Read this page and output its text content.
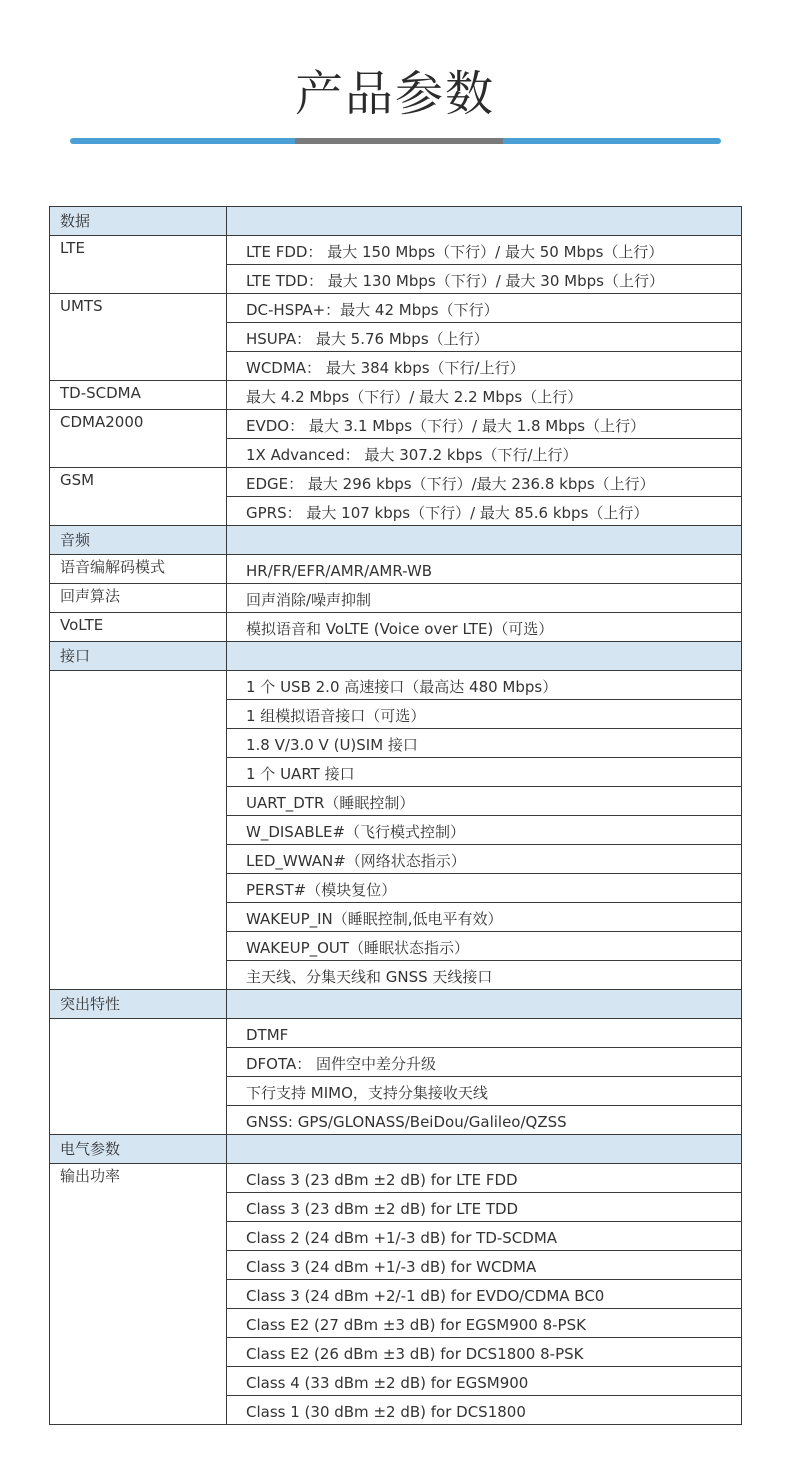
产品参数
数据	
LTE	LTE FDD： 最大 150 Mbps（下行）/ 最大 50 Mbps（上行）
	LTE TDD： 最大 130 Mbps（下行）/ 最大 30 Mbps（上行）
UMTS	DC-HSPA+：最大 42 Mbps（下行）
	HSUPA： 最大 5.76 Mbps（上行）
	WCDMA： 最大 384 kbps（下行/上行）
TD-SCDMA	最大 4.2 Mbps（下行）/ 最大 2.2 Mbps（上行）
CDMA2000	EVDO： 最大 3.1 Mbps（下行）/ 最大 1.8 Mbps（上行）
	1X Advanced： 最大 307.2 kbps（下行/上行）
GSM	EDGE： 最大 296 kbps（下行）/最大 236.8 kbps（上行）
	GPRS： 最大 107 kbps（下行）/ 最大 85.6 kbps（上行）
音频	
语音编解码模式	HR/FR/EFR/AMR/AMR-WB
回声算法	回声消除/噪声抑制
VoLTE	模拟语音和 VoLTE (Voice over LTE)（可选）
接口	
	1 个 USB 2.0 高速接口（最高达 480 Mbps）
	1 组模拟语音接口（可选）
	1.8 V/3.0 V (U)SIM 接口
	1 个 UART 接口
	UART_DTR（睡眠控制）
	W_DISABLE#（飞行模式控制）
	LED_WWAN#（网络状态指示）
	PERST#（模块复位）
	WAKEUP_IN（睡眠控制,低电平有效）
	WAKEUP_OUT（睡眠状态指示）
	主天线、分集天线和 GNSS 天线接口
突出特性	
	DTMF
	DFOTA： 固件空中差分升级
	下行支持 MIMO，支持分集接收天线
	GNSS: GPS/GLONASS/BeiDou/Galileo/QZSS
电气参数	
输出功率	Class 3 (23 dBm ±2 dB) for LTE FDD
	Class 3 (23 dBm ±2 dB) for LTE TDD
	Class 2 (24 dBm +1/-3 dB) for TD-SCDMA
	Class 3 (24 dBm +1/-3 dB) for WCDMA
	Class 3 (24 dBm +2/-1 dB) for EVDO/CDMA BC0
	Class E2 (27 dBm ±3 dB) for EGSM900 8-PSK
	Class E2 (26 dBm ±3 dB) for DCS1800 8-PSK
	Class 4 (33 dBm ±2 dB) for EGSM900
	Class 1 (30 dBm ±2 dB) for DCS1800
